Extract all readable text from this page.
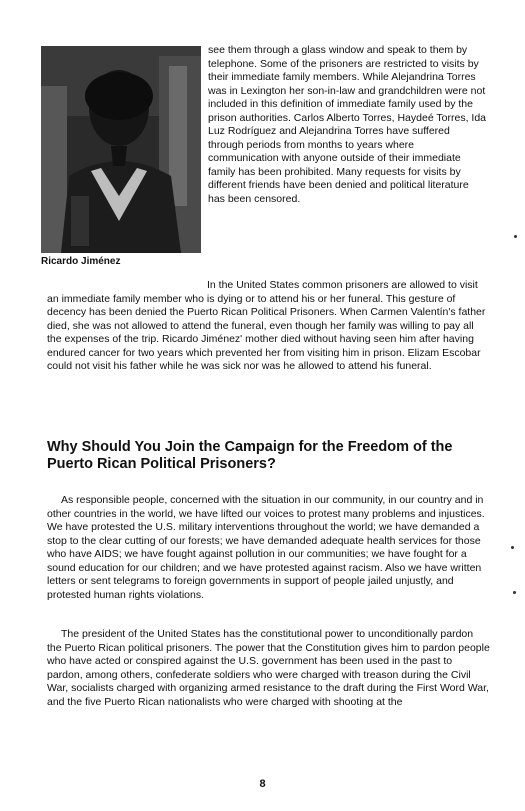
Ricardo Jiménez
see them through a glass window and speak to them by telephone. Some of the prisoners are restricted to visits by their immediate family members. While Alejandrina Torres was in Lexington her son-in-law and grandchildren were not included in this definition of immediate family used by the prison authorities. Carlos Alberto Torres, Haydeé Torres, Ida Luz Rodríguez and Alejandrina Torres have suffered through periods from months to years where communication with anyone outside of their immediate family has been prohibited. Many requests for visits by different friends have been denied and political literature has been censored.
In the United States common prisoners are allowed to visit an immediate family member who is dying or to attend his or her funeral. This gesture of decency has been denied the Puerto Rican Political Prisoners. When Carmen Valentín's father died, she was not allowed to attend the funeral, even though her family was willing to pay all the expenses of the trip. Ricardo Jiménez' mother died without having seen him after having endured cancer for two years which prevented her from visiting him in prison. Elizam Escobar could not visit his father while he was sick nor was he allowed to attend his funeral.
Why Should You Join the Campaign for the Freedom of the Puerto Rican Political Prisoners?
As responsible people, concerned with the situation in our community, in our country and in other countries in the world, we have lifted our voices to protest many problems and injustices. We have protested the U.S. military interventions throughout the world; we have demanded a stop to the clear cutting of our forests; we have demanded adequate health services for those who have AIDS; we have fought against pollution in our communities; we have fought for a sound education for our children; and we have protested against racism. Also we have written letters or sent telegrams to foreign governments in support of people jailed unjustly, and protested human rights violations.
The president of the United States has the constitutional power to unconditionally pardon the Puerto Rican political prisoners. The power that the Constitution gives him to pardon people who have acted or conspired against the U.S. government has been used in the past to pardon, among others, confederate soldiers who were charged with treason during the Civil War, socialists charged with organizing armed resistance to the draft during the First Word War, and the five Puerto Rican nationalists who were charged with shooting at the
8
